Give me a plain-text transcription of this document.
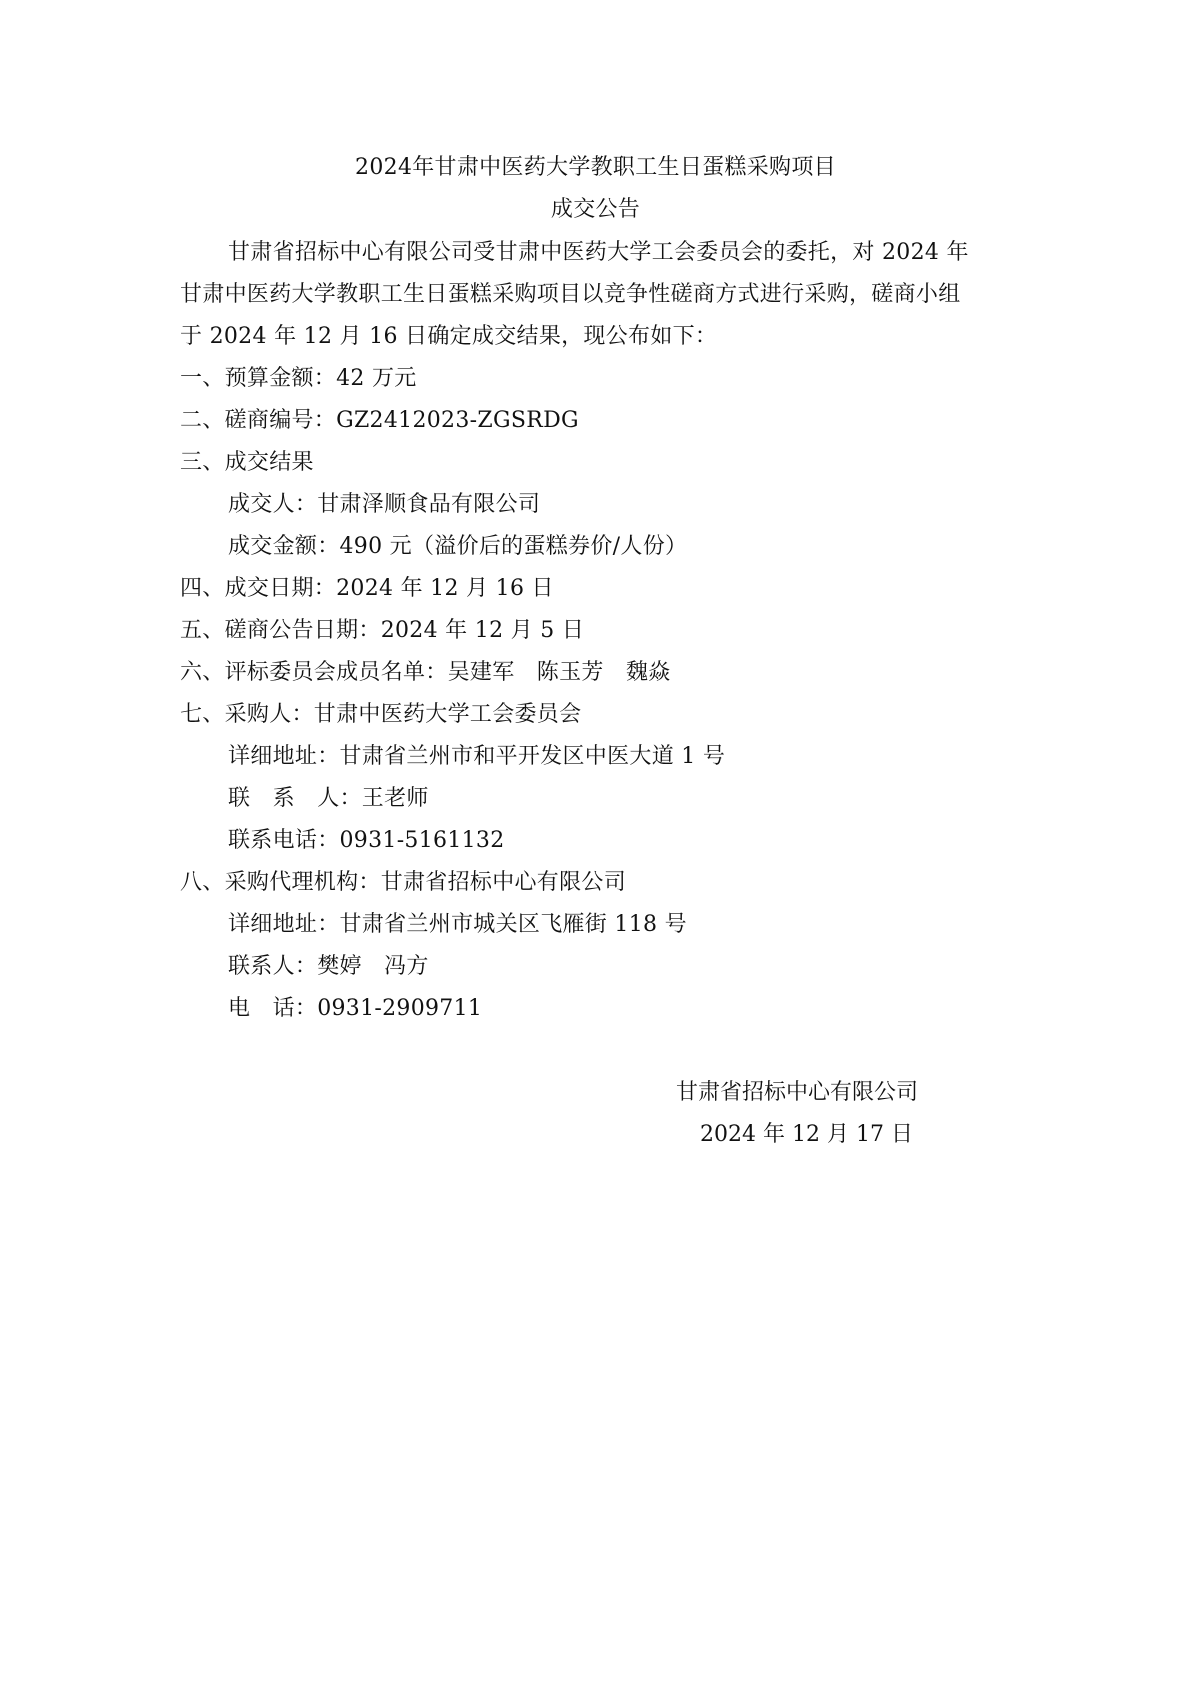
2024年甘肃中医药大学教职工生日蛋糕采购项目
成交公告
甘肃省招标中心有限公司受甘肃中医药大学工会委员会的委托，对 2024 年
甘肃中医药大学教职工生日蛋糕采购项目以竞争性磋商方式进行采购，磋商小组
于 2024 年 12 月 16 日确定成交结果，现公布如下：
一、预算金额：42 万元
二、磋商编号：GZ2412023-ZGSRDG
三、成交结果
成交人：甘肃泽顺食品有限公司
成交金额：490 元（溢价后的蛋糕券价/人份）
四、成交日期：2024 年 12 月 16 日
五、磋商公告日期：2024 年 12 月 5 日
六、评标委员会成员名单：吴建军　陈玉芳　魏焱
七、采购人：甘肃中医药大学工会委员会
详细地址：甘肃省兰州市和平开发区中医大道 1 号
联　系　人：王老师
联系电话：0931-5161132
八、采购代理机构：甘肃省招标中心有限公司
详细地址：甘肃省兰州市城关区飞雁街 118 号
联系人：樊婷　冯方
电　话：0931-2909711
甘肃省招标中心有限公司
2024 年 12 月 17 日
